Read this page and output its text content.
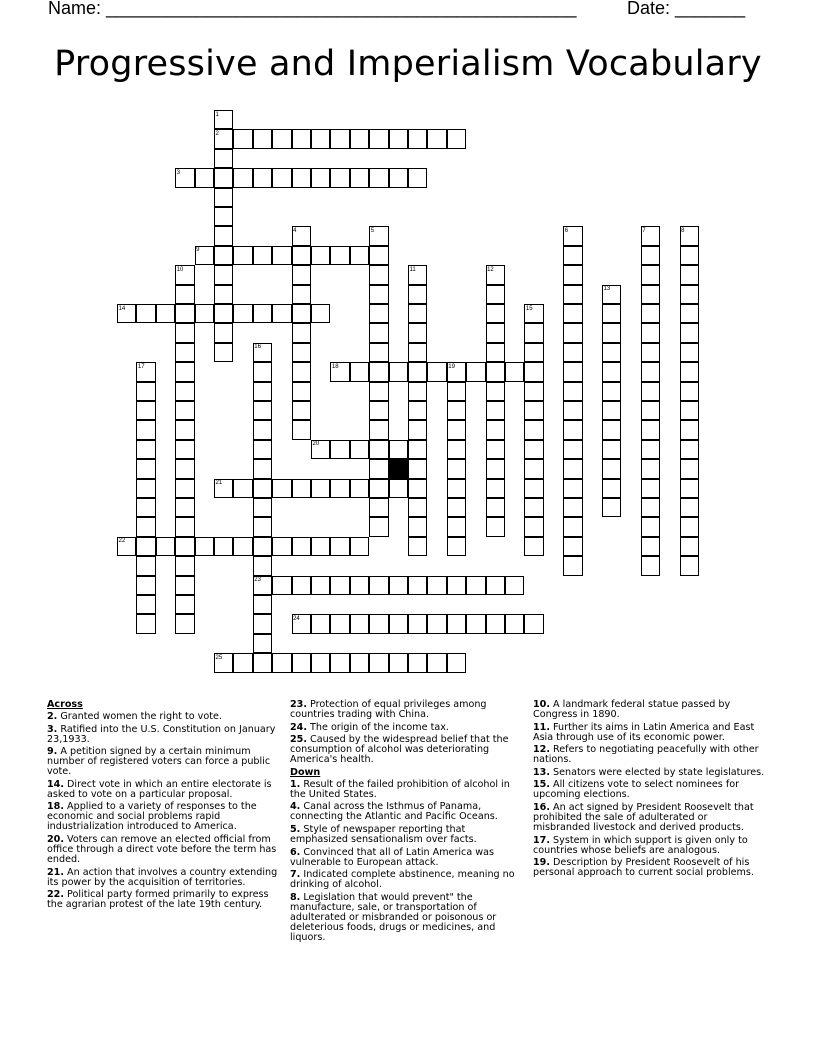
Name: _______________________________________________	Date: _______
Progressive and Imperialism Vocabulary
1
2
3
4	5	6	7	8
9
10	11	12
13
14	15
16
17	18	19
20
21
22
23
24
25
Across

2. Granted women the right to vote.

3. Ratified into the U.S. Constitution on January 23,1933.

9. A petition signed by a certain minimum number of registered voters can force a public vote.

14. Direct vote in which an entire electorate is asked to vote on a particular proposal.

18. Applied to a variety of responses to the economic and social problems rapid industrialization introduced to America.

20. Voters can remove an elected official from office through a direct vote before the term has ended.

21. An action that involves a country extending its power by the acquisition of territories.

22. Political party formed primarily to express the agrarian protest of the late 19th century.

23. Protection of equal privileges among countries trading with China.

24. The origin of the income tax.

25. Caused by the widespread belief that the consumption of alcohol was deteriorating America's health.

Down

1. Result of the failed prohibition of alcohol in the United States.

4. Canal across the Isthmus of Panama, connecting the Atlantic and Pacific Oceans.

5. Style of newspaper reporting that emphasized sensationalism over facts.

6. Convinced that all of Latin America was vulnerable to European attack.

7. Indicated complete abstinence, meaning no drinking of alcohol.

8. Legislation that would prevent" the manufacture, sale, or transportation of adulterated or misbranded or poisonous or deleterious foods, drugs or medicines, and liquors.

10. A landmark federal statue passed by Congress in 1890.

11. Further its aims in Latin America and East Asia through use of its economic power.

12. Refers to negotiating peacefully with other nations.

13. Senators were elected by state legislatures.

15. All citizens vote to select nominees for upcoming elections.

16. An act signed by President Roosevelt that prohibited the sale of adulterated or misbranded livestock and derived products.

17. System in which support is given only to countries whose beliefs are analogous.

19. Description by President Roosevelt of his personal approach to current social problems.
